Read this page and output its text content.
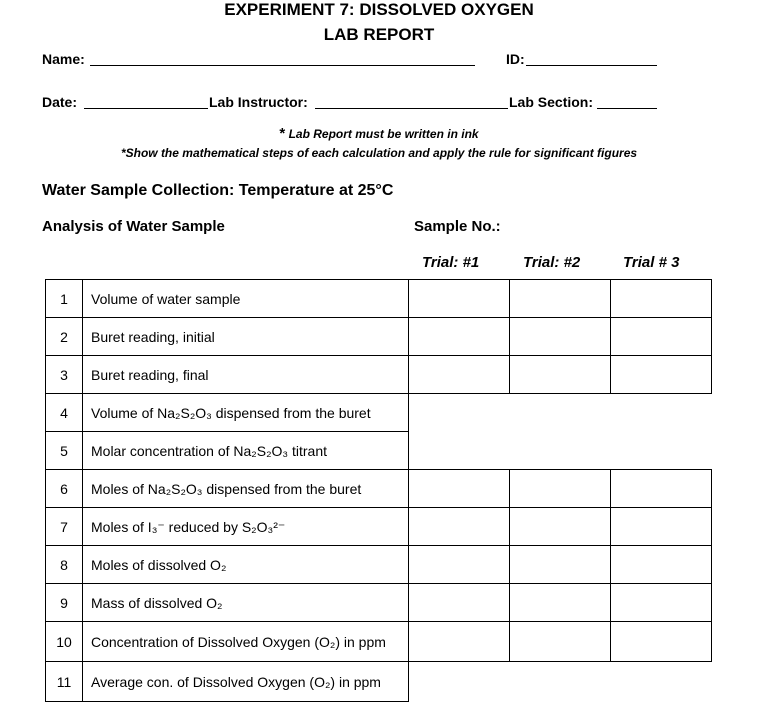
EXPERIMENT 7: DISSOLVED OXYGEN
LAB REPORT
Name:	ID:
Date:	Lab Instructor:	Lab Section:
* Lab Report must be written in ink
*Show the mathematical steps of each calculation and apply the rule for significant figures
Water Sample Collection: Temperature at 25°C
Analysis of Water Sample	Sample No.:
Trial: #1	Trial: #2	Trial # 3
1	Volume of water sample			
2	Buret reading, initial			
3	Buret reading, final			
4	Volume of Na₂S₂O₃ dispensed from the buret			
5	Molar concentration of Na₂S₂O₃ titrant			
6	Moles of Na₂S₂O₃ dispensed from the buret			
7	Moles of I₃⁻ reduced by S₂O₃²⁻			
8	Moles of dissolved O₂			
9	Mass of dissolved O₂			
10	Concentration of Dissolved Oxygen (O₂) in ppm			
11	Average con. of Dissolved Oxygen (O₂) in ppm			
